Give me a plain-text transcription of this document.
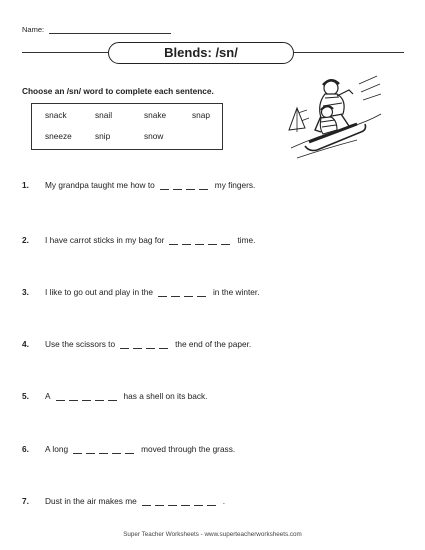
Name:
Blends: /sn/
Choose an /sn/ word to complete each sentence.
snack	snail	snake	snap
sneeze	snip	snow
1.	My grandpa taught me how to	my fingers.
2.	I have carrot sticks in my bag for	time.
3.	I like to go out and play in the	in the winter.
4.	Use the scissors to	the end of the paper.
5.	A	has a shell on its back.
6.	A long	moved through the grass.
7.	Dust in the air makes me	.
Super Teacher Worksheets - www.superteacherworksheets.com
